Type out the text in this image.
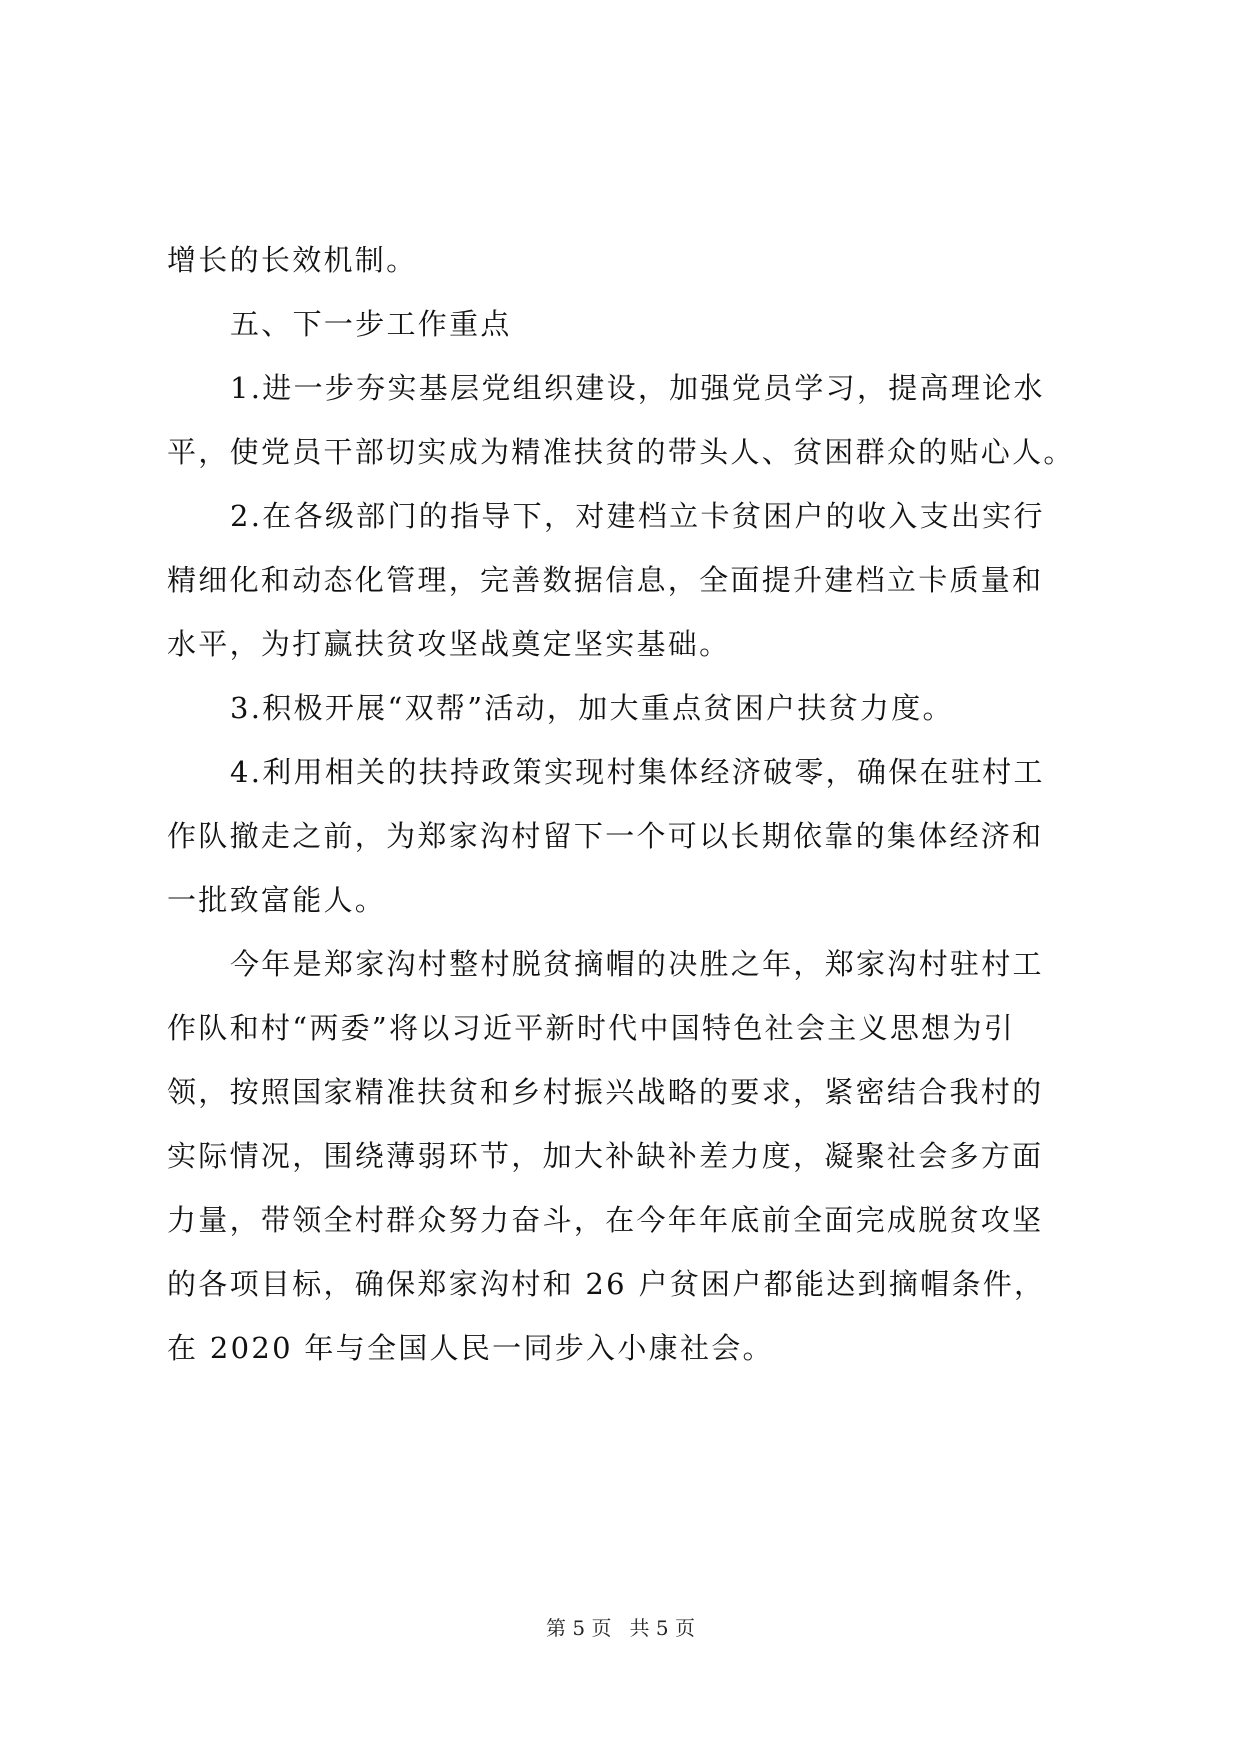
增长的长效机制。
五、下一步工作重点
1.进一步夯实基层党组织建设，加强党员学习，提高理论水
平，使党员干部切实成为精准扶贫的带头人、贫困群众的贴心人。
2.在各级部门的指导下，对建档立卡贫困户的收入支出实行
精细化和动态化管理，完善数据信息，全面提升建档立卡质量和
水平，为打赢扶贫攻坚战奠定坚实基础。
3.积极开展“双帮”活动，加大重点贫困户扶贫力度。
4.利用相关的扶持政策实现村集体经济破零，确保在驻村工
作队撤走之前，为郑家沟村留下一个可以长期依靠的集体经济和
一批致富能人。
今年是郑家沟村整村脱贫摘帽的决胜之年，郑家沟村驻村工
作队和村“两委”将以习近平新时代中国特色社会主义思想为引
领，按照国家精准扶贫和乡村振兴战略的要求，紧密结合我村的
实际情况，围绕薄弱环节，加大补缺补差力度，凝聚社会多方面
力量，带领全村群众努力奋斗，在今年年底前全面完成脱贫攻坚
的各项目标，确保郑家沟村和 26 户贫困户都能达到摘帽条件，
在 2020 年与全国人民一同步入小康社会。
第 5 页 共 5 页
